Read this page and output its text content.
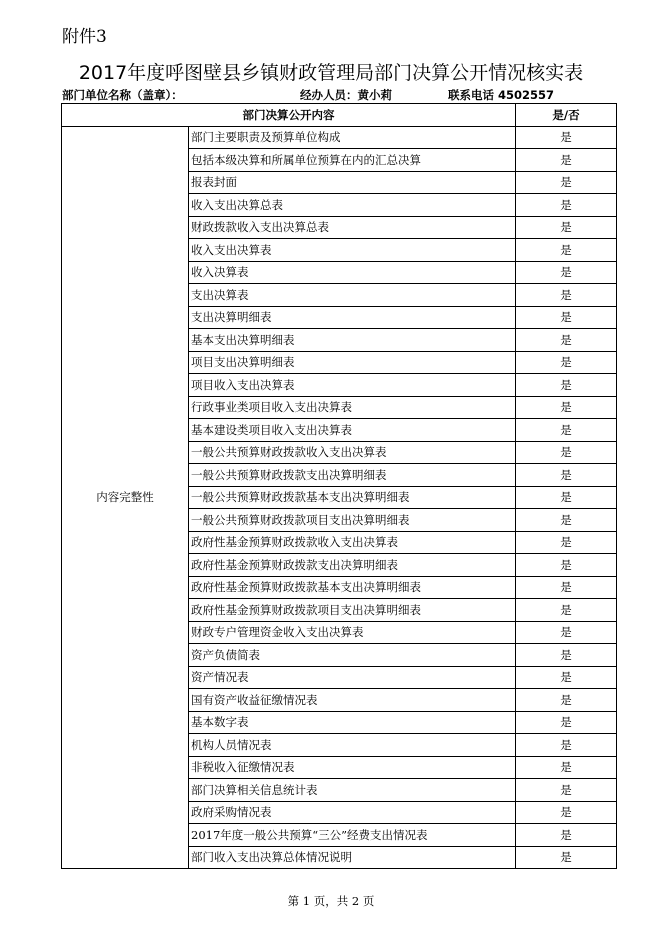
附件3
2017年度呼图壁县乡镇财政管理局部门决算公开情况核实表
部门单位名称（盖章）：	经办人员：黄小莉	联系电话 4502557
部门决算公开内容		是/否
内容完整性	部门主要职责及预算单位构成	是
	包括本级决算和所属单位预算在内的汇总决算	是
	报表封面	是
	收入支出决算总表	是
	财政拨款收入支出决算总表	是
	收入支出决算表	是
	收入决算表	是
	支出决算表	是
	支出决算明细表	是
	基本支出决算明细表	是
	项目支出决算明细表	是
	项目收入支出决算表	是
	行政事业类项目收入支出决算表	是
	基本建设类项目收入支出决算表	是
	一般公共预算财政拨款收入支出决算表	是
	一般公共预算财政拨款支出决算明细表	是
	一般公共预算财政拨款基本支出决算明细表	是
	一般公共预算财政拨款项目支出决算明细表	是
	政府性基金预算财政拨款收入支出决算表	是
	政府性基金预算财政拨款支出决算明细表	是
	政府性基金预算财政拨款基本支出决算明细表	是
	政府性基金预算财政拨款项目支出决算明细表	是
	财政专户管理资金收入支出决算表	是
	资产负债简表	是
	资产情况表	是
	国有资产收益征缴情况表	是
	基本数字表	是
	机构人员情况表	是
	非税收入征缴情况表	是
	部门决算相关信息统计表	是
	政府采购情况表	是
	2017年度一般公共预算“三公”经费支出情况表	是
	部门收入支出决算总体情况说明	是
第 1 页，共 2 页
